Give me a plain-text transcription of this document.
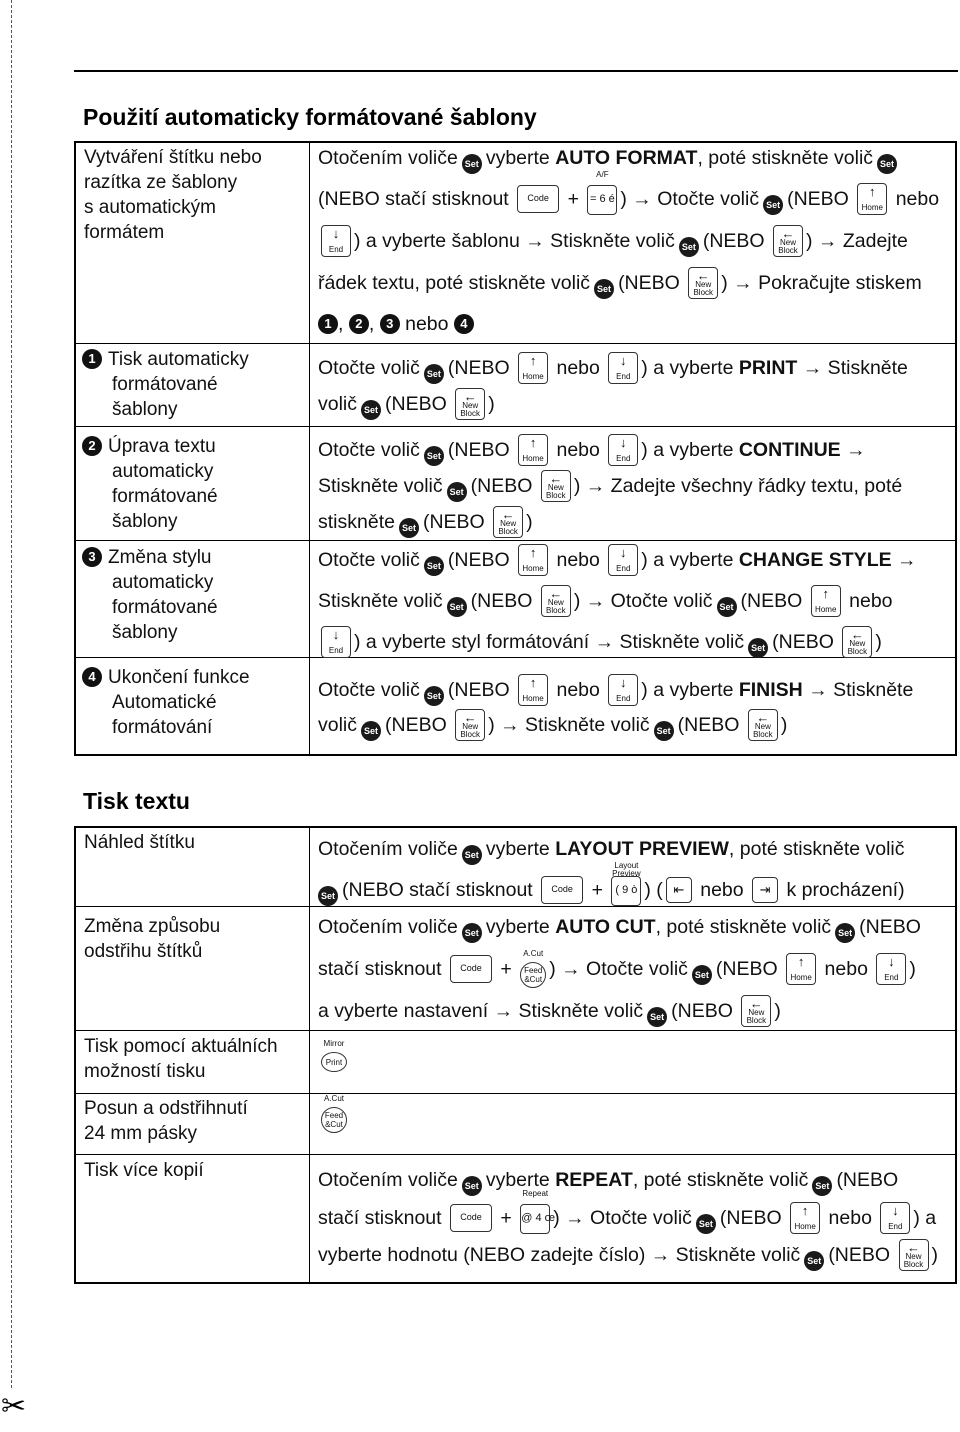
✂
Použití automaticky formátované šablony
Vytváření štítku nebo
razítka ze šablony
s automatickým
formátem
1 Tisk automaticky
formátované
šablony
2 Úprava textu
automaticky
formátované
šablony
3 Změna stylu
automaticky
formátované
šablony
4 Ukončení funkce
Automatické
formátování
Otočením voliče Set vyberte AUTO FORMAT, poté stiskněte volič Set
(NEBO stačí stisknout	Code +
A/F
= 6 é ) → Otočte volič Set (NEBO	↑
Home nebo
↓
End ) a vyberte šablonu → Stiskněte volič Set (NEBO	←
New
Block ) → Zadejte
řádek textu, poté stiskněte volič Set (NEBO	←
New
Block ) → Pokračujte stiskem
1 , 2 , 3 nebo 4
Otočte volič Set (NEBO	↑
Home nebo	↓
End ) a vyberte PRINT → Stiskněte
volič Set (NEBO	←
New
Block )
Otočte volič Set (NEBO	↑
Home nebo	↓
End ) a vyberte CONTINUE →
Stiskněte volič Set (NEBO	←
New
Block ) → Zadejte všechny řádky textu, poté
stiskněte Set (NEBO	←
New
Block )
Otočte volič Set (NEBO	↑
Home nebo	↓
End ) a vyberte CHANGE STYLE →
Stiskněte volič Set (NEBO	←
New
Block ) → Otočte volič Set (NEBO	↑
Home nebo
↓
End ) a vyberte styl formátování → Stiskněte volič Set (NEBO	←
New
Block )
Otočte volič Set (NEBO	↑
Home nebo	↓
End ) a vyberte FINISH → Stiskněte
volič Set (NEBO	←
New
Block ) → Stiskněte volič Set (NEBO	←
New
Block )
Tisk textu
Náhled štítku
Změna způsobu
odstřihu štítků
Tisk pomocí aktuálních
možností tisku
Posun a odstřihnutí
24 mm pásky
Tisk více kopií
Otočením voliče Set vyberte LAYOUT PREVIEW, poté stiskněte volič
Set (NEBO stačí stisknout	Code +
Layout
Preview
( 9 ò ) ( ⇤ nebo	⇥ k procházení)
Otočením voliče Set vyberte AUTO CUT, poté stiskněte volič Set (NEBO
stačí stisknout	Code +
A.Cut
Feed
&Cut ) → Otočte volič Set (NEBO	↑
Home nebo	↓
End )
a vyberte nastavení → Stiskněte volič Set (NEBO	←
New
Block )
Mirror
Print
A.Cut
Feed
&Cut
Otočením voliče Set vyberte REPEAT, poté stiskněte volič Set (NEBO
stačí stisknout	Code +
Repeat
@ 4 œ
) → Otočte volič Set (NEBO	↑
Home nebo	↓
End ) a
vyberte hodnotu (NEBO zadejte číslo) → Stiskněte volič Set (NEBO	←
New
Block )
